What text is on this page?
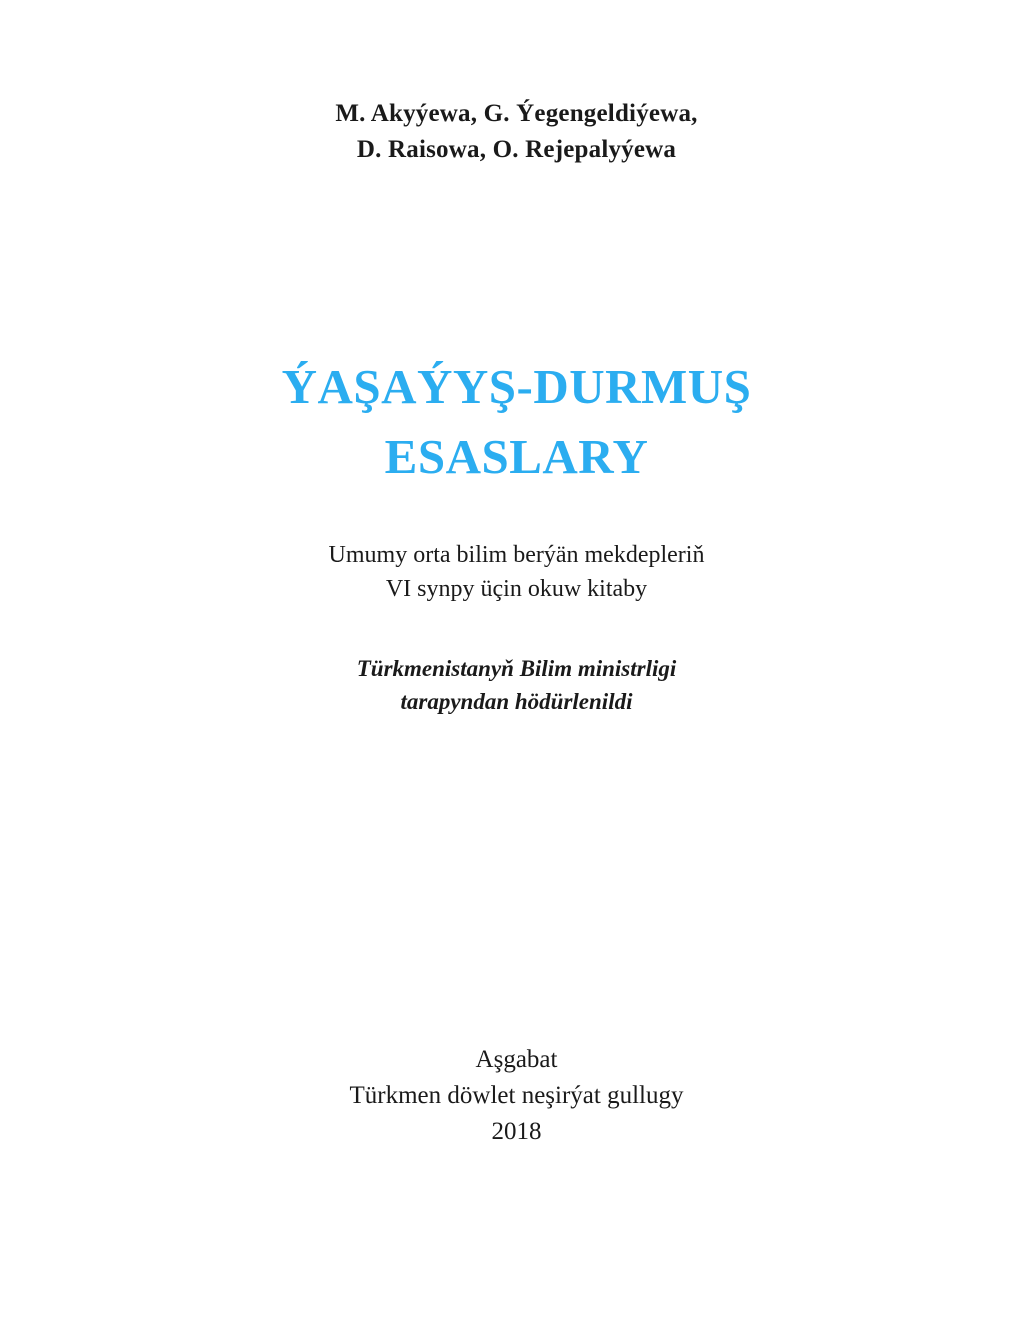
M. Akyýewa, G. Ýegengeldiýewa,
D. Raisowa, O. Rejepalyýewa
ÝAŞAÝYŞ-DURMUŞ
ESASLARY
Umumy orta bilim berýän mekdepleriň
VI synpy üçin okuw kitaby
Türkmenistanyň Bilim ministrligi
tarapyndan hödürlenildi
Aşgabat
Türkmen döwlet neşirýat gullugy
2018
